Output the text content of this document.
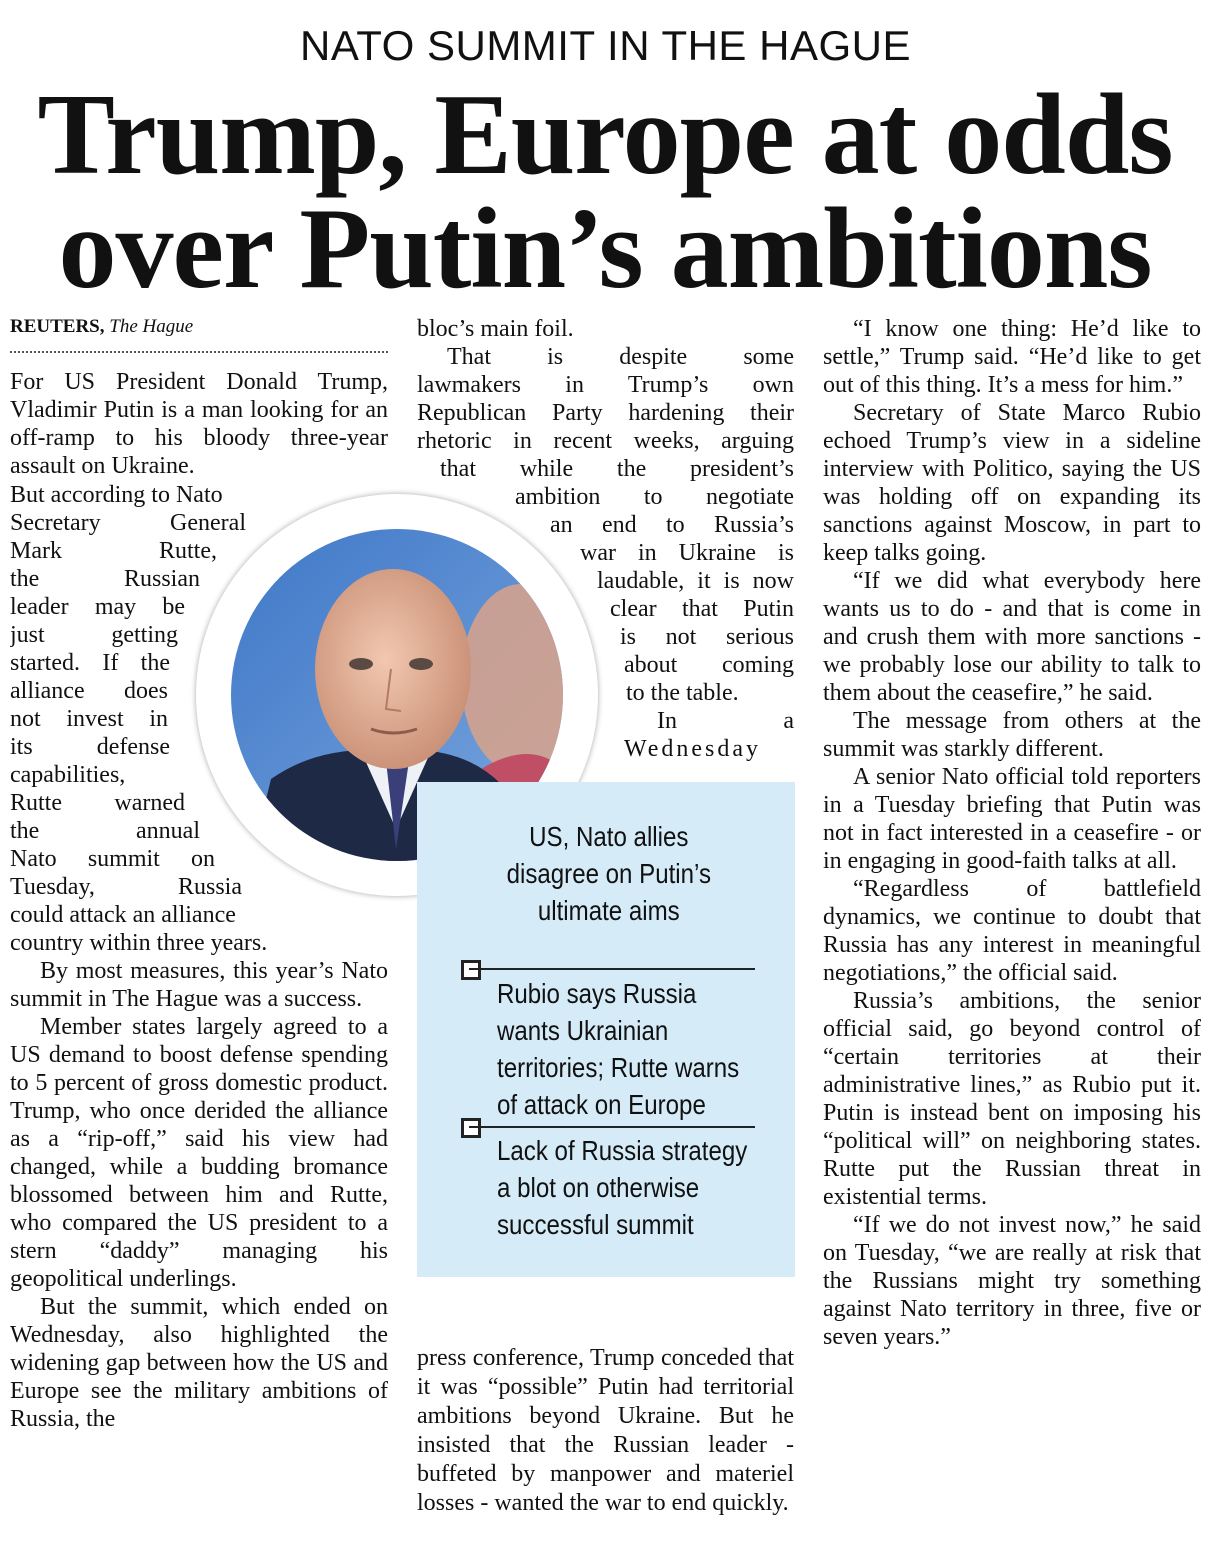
NATO SUMMIT IN THE HAGUE
Trump, Europe at odds
over Putin’s ambitions
REUTERS, The Hague

For US President Donald Trump, Vladimir Putin is a man looking for an off-ramp to his bloody three-year assault on Ukraine.

But according to Nato
Secretary General
Mark Rutte,
the Russian
leader may be
just getting
started. If the
alliance does
not invest in
its defense
capabilities,
Rutte warned
the annual
Nato summit on
Tuesday, Russia
could attack an alliance
country within three years.

By most measures, this year’s Nato summit in The Hague was a success.

Member states largely agreed to a US demand to boost defense spending to 5 percent of gross domestic product. Trump, who once derided the alliance as a “rip-off,” said his view had changed, while a budding bromance blossomed between him and Rutte, who compared the US president to a stern “daddy” managing his geopolitical underlings.

But the summit, which ended on Wednesday, also highlighted the widening gap between how the US and Europe see the military ambitions of Russia, the

bloc’s main foil.

That is despite some
lawmakers in Trump’s own
Republican Party hardening their
rhetoric in recent weeks, arguing
that while the president’s
ambition to negotiate
an end to Russia’s
war in Ukraine is
laudable, it is now
clear that Putin
is not serious
about coming
to the table.
In a
Wednesday
US, Nato allies disagree on Putin’s ultimate aims
Rubio says Russia wants Ukrainian territories; Rutte warns of attack on Europe
Lack of Russia strategy a blot on otherwise successful summit

press conference, Trump conceded that it was “possible” Putin had territorial ambitions beyond Ukraine. But he insisted that the Russian leader - buffeted by manpower and materiel losses - wanted the war to end quickly.

“I know one thing: He’d like to settle,” Trump said. “He’d like to get out of this thing. It’s a mess for him.”

Secretary of State Marco Rubio echoed Trump’s view in a sideline interview with Politico, saying the US was holding off on expanding its sanctions against Moscow, in part to keep talks going.

“If we did what everybody here wants us to do - and that is come in and crush them with more sanctions - we probably lose our ability to talk to them about the ceasefire,” he said.

The message from others at the summit was starkly different.

A senior Nato official told reporters in a Tuesday briefing that Putin was not in fact interested in a ceasefire - or in engaging in good-faith talks at all.

“Regardless of battlefield dynamics, we continue to doubt that Russia has any interest in meaningful negotiations,” the official said.

Russia’s ambitions, the senior official said, go beyond control of “certain territories at their administrative lines,” as Rubio put it. Putin is instead bent on imposing his “political will” on neighboring states. Rutte put the Russian threat in existential terms.

“If we do not invest now,” he said on Tuesday, “we are really at risk that the Russians might try something against Nato territory in three, five or seven years.”
